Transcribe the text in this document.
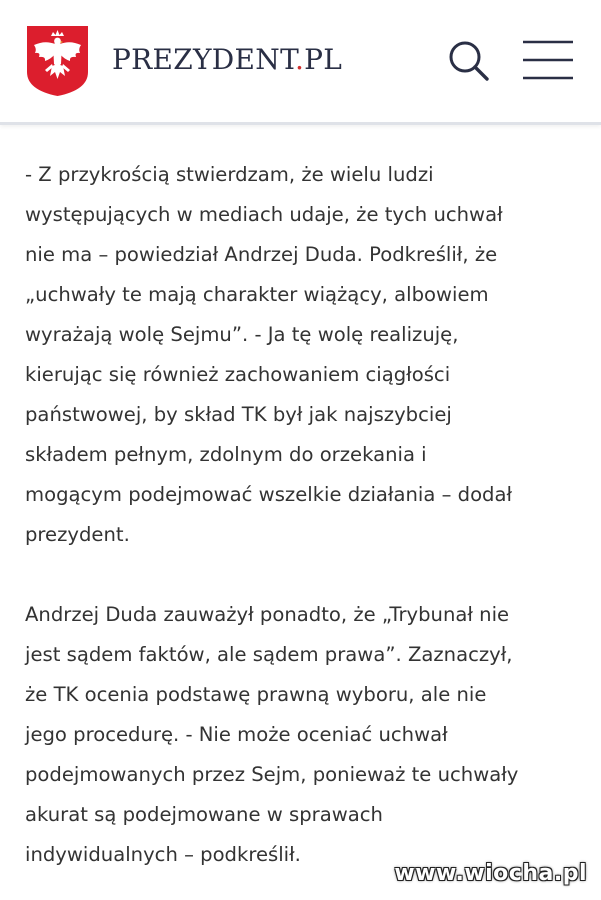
PREZYDENT.PL

- Z przykrością stwierdzam, że wielu ludzi
występujących w mediach udaje, że tych uchwał
nie ma – powiedział Andrzej Duda. Podkreślił, że
„uchwały te mają charakter wiążący, albowiem
wyrażają wolę Sejmu”. - Ja tę wolę realizuję,
kierując się również zachowaniem ciągłości
państwowej, by skład TK był jak najszybciej
składem pełnym, zdolnym do orzekania i
mogącym podejmować wszelkie działania – dodał
prezydent.

Andrzej Duda zauważył ponadto, że „Trybunał nie
jest sądem faktów, ale sądem prawa”. Zaznaczył,
że TK ocenia podstawę prawną wyboru, ale nie
jego procedurę. - Nie może oceniać uchwał
podejmowanych przez Sejm, ponieważ te uchwały
akurat są podejmowane w sprawach
indywidualnych – podkreślił.

www.wiocha.pl
